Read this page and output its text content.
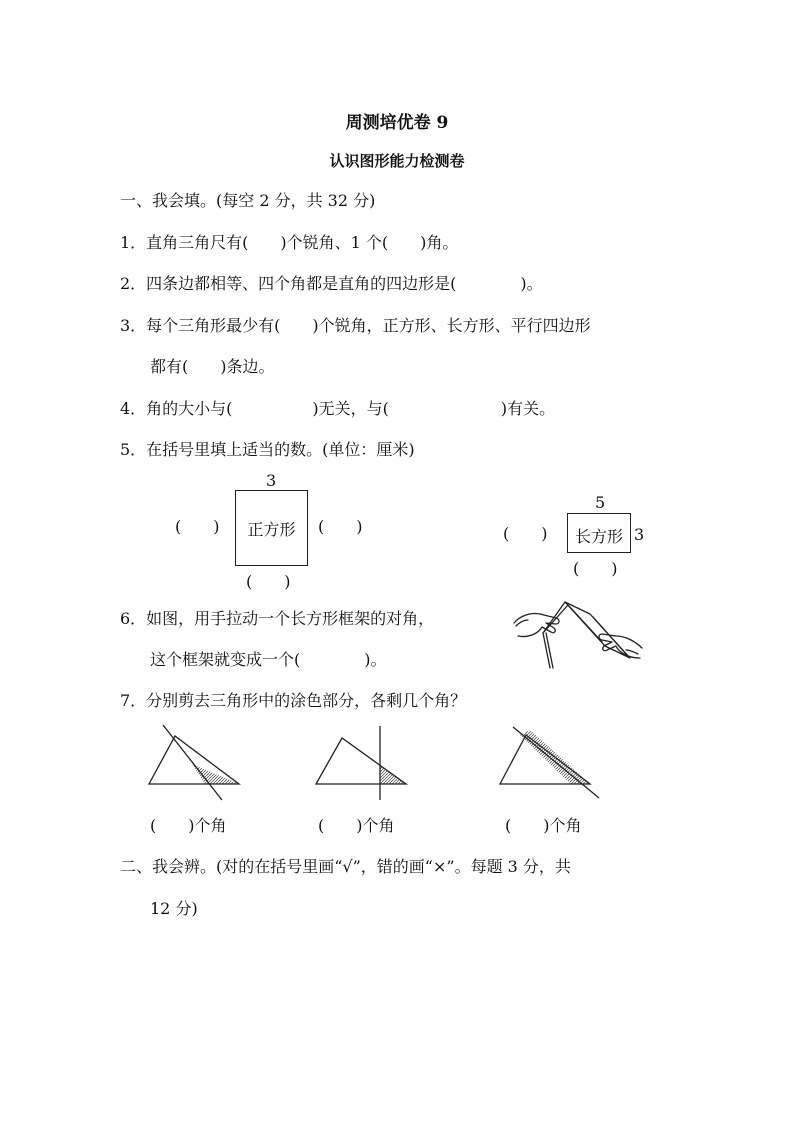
周测培优卷 9
认识图形能力检测卷
一、我会填。(每空 2 分，共 32 分)
1．直角三角尺有(　　)个锐角、1 个(　　)角。
2．四条边都相等、四个角都是直角的四边形是(　　　　)。
3．每个三角形最少有(　　)个锐角，正方形、长方形、平行四边形
都有(　　)条边。
4．角的大小与(　　　　　)无关，与(　　　　　　　)有关。
5．在括号里填上适当的数。(单位：厘米)
3
正方形
(　　)	(　　)
(　　)
5
长方形 3
(　　)
(　　)
6．如图，用手拉动一个长方形框架的对角，
这个框架就变成一个(　　　　)。
7．分别剪去三角形中的涂色部分，各剩几个角？
(　　)个角	(　　)个角	(　　)个角
二、我会辨。(对的在括号里画“√”，错的画“×”。每题 3 分，共
12 分)
